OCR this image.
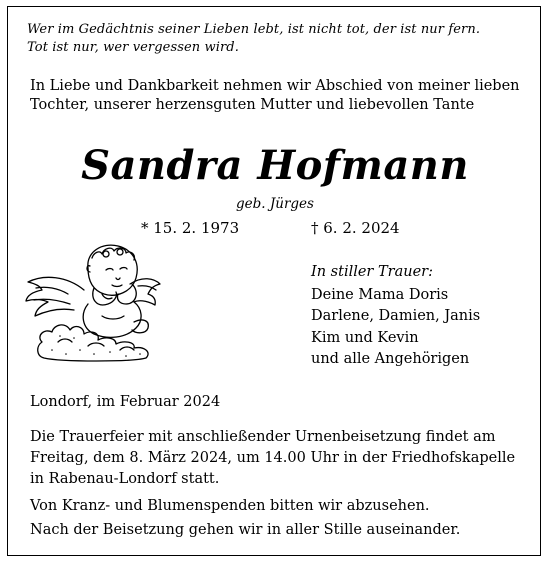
Wer im Gedächtnis seiner Lieben lebt, ist nicht tot, der ist nur fern.
Tot ist nur, wer vergessen wird.
In Liebe und Dankbarkeit nehmen wir Abschied von meiner lieben
Tochter, unserer herzensguten Mutter und liebevollen Tante
Sandra Hofmann
geb. Jürges
* 15. 2. 1973	† 6. 2. 2024
In stiller Trauer:
Deine Mama Doris
Darlene, Damien, Janis
Kim und Kevin
und alle Angehörigen
Londorf, im Februar 2024
Die Trauerfeier mit anschließender Urnenbeisetzung findet am
Freitag, dem 8. März 2024, um 14.00 Uhr in der Friedhofskapelle
in Rabenau-Londorf statt.
Von Kranz- und Blumenspenden bitten wir abzusehen.
Nach der Beisetzung gehen wir in aller Stille auseinander.
